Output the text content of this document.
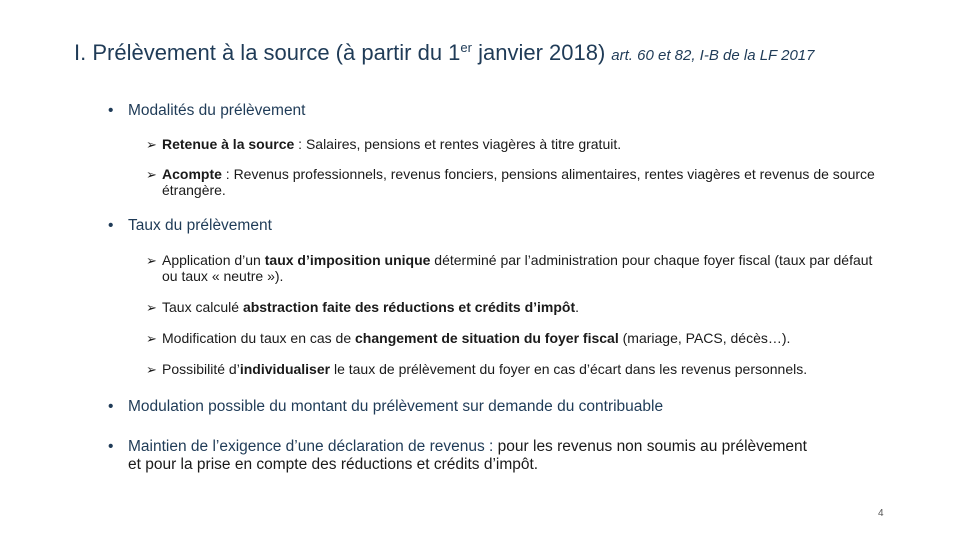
I. Prélèvement à la source (à partir du 1er janvier 2018) art. 60 et 82, I-B de la LF 2017
• Modalités du prélèvement
➢ Retenue à la source : Salaires, pensions et rentes viagères à titre gratuit.
➢ Acompte : Revenus professionnels, revenus fonciers, pensions alimentaires, rentes viagères et revenus de source étrangère.
• Taux du prélèvement
➢ Application d’un taux d’imposition unique déterminé par l’administration pour chaque foyer fiscal (taux par défaut ou taux « neutre »).
➢ Taux calculé abstraction faite des réductions et crédits d’impôt.
➢ Modification du taux en cas de changement de situation du foyer fiscal (mariage, PACS, décès…).
➢ Possibilité d’individualiser le taux de prélèvement du foyer en cas d’écart dans les revenus personnels.
• Modulation possible du montant du prélèvement sur demande du contribuable
• Maintien de l’exigence d’une déclaration de revenus : pour les revenus non soumis au prélèvement et pour la prise en compte des réductions et crédits d’impôt.
4
